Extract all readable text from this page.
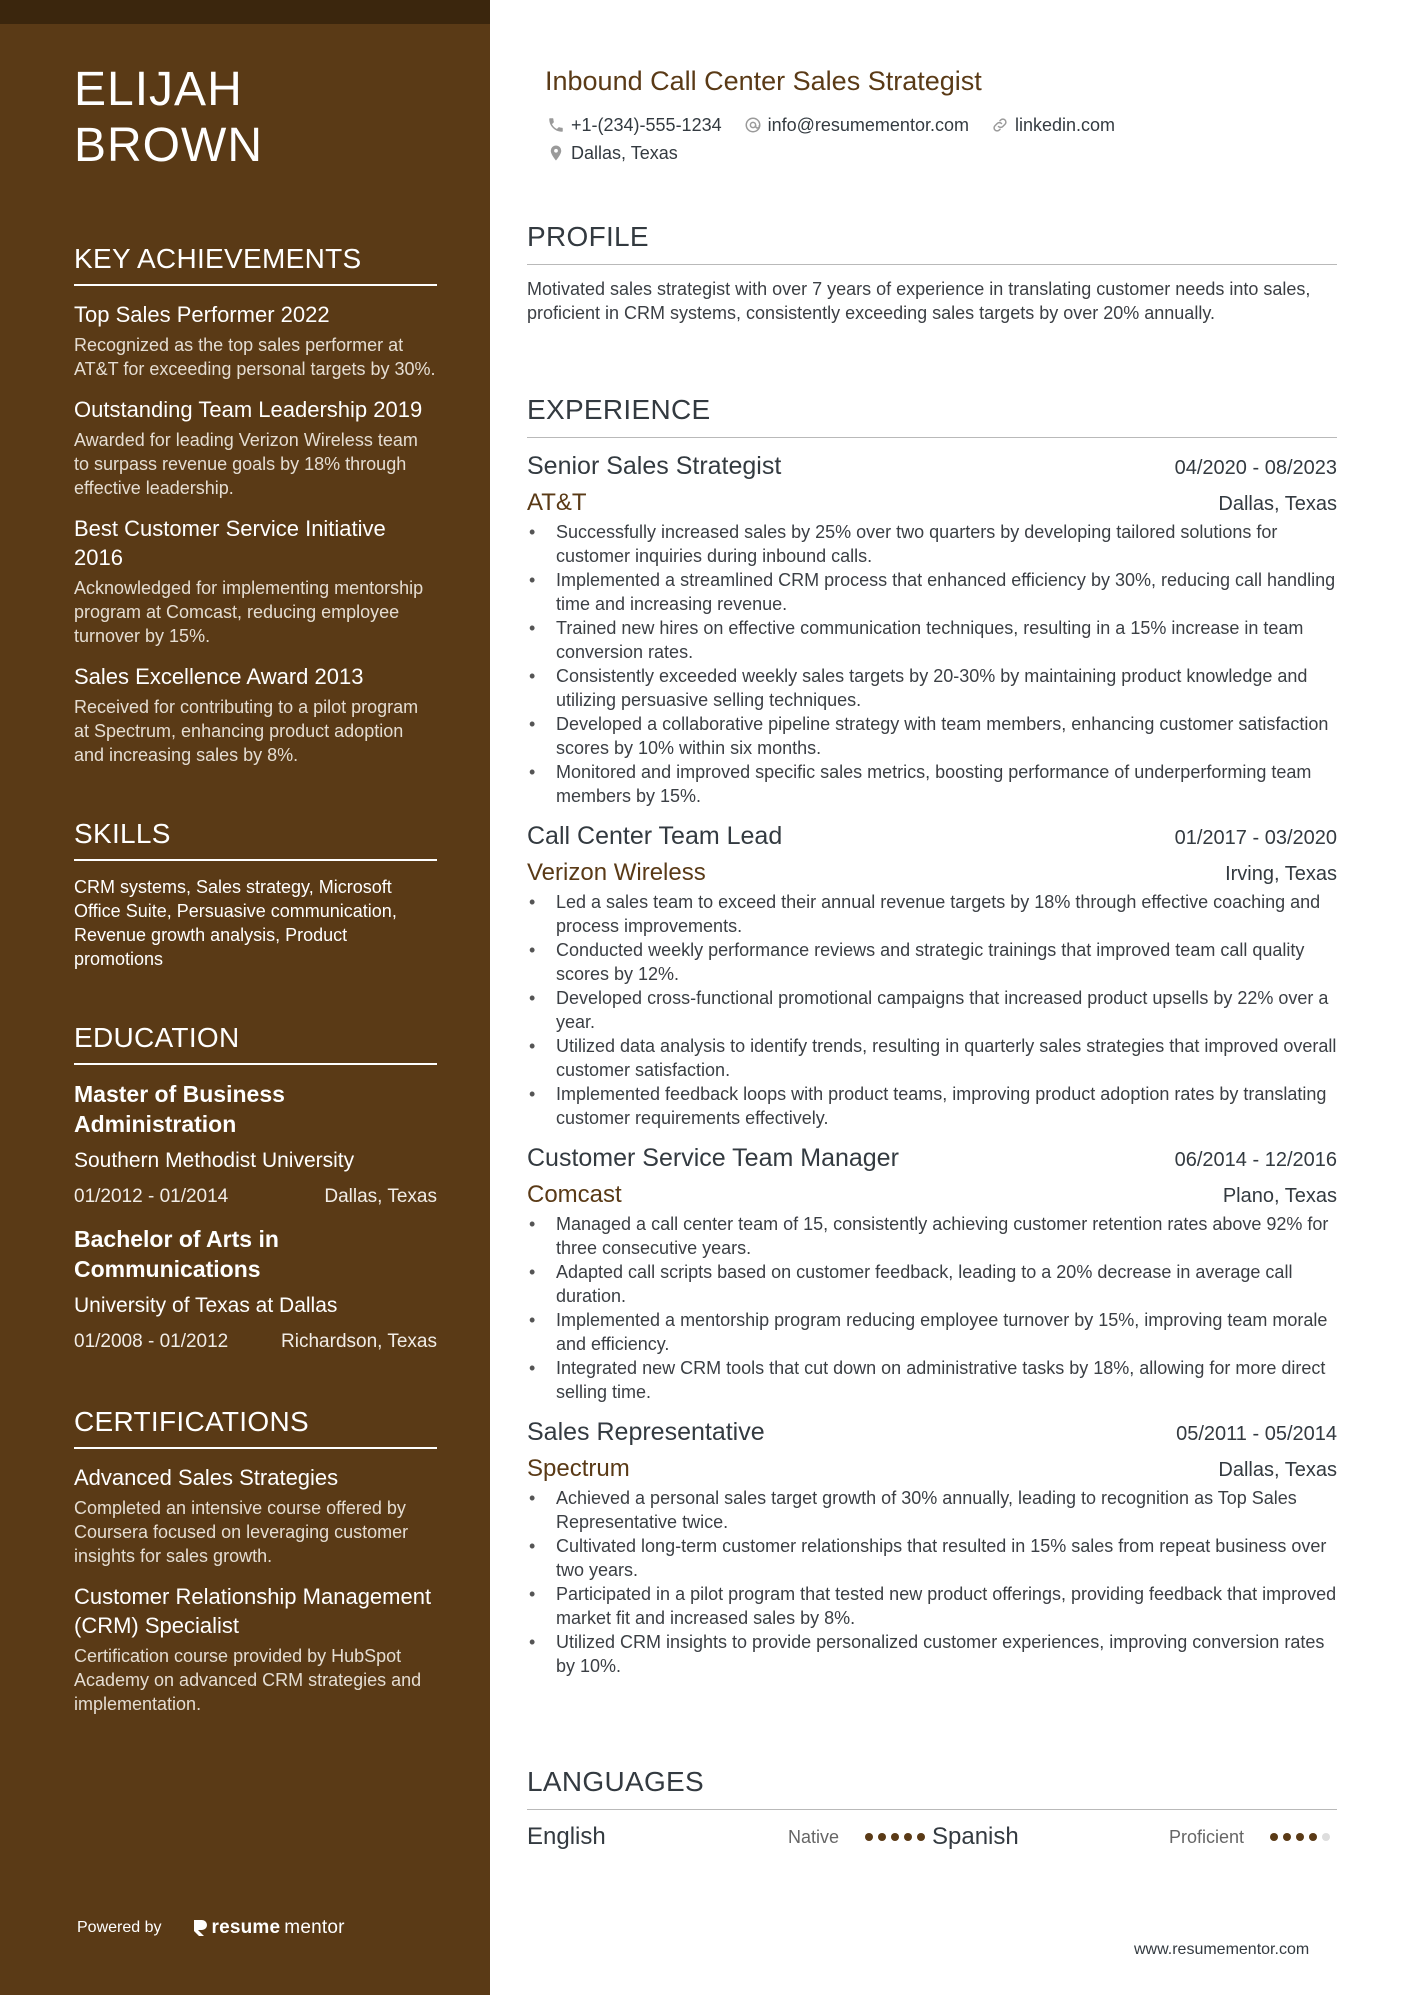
ELIJAH BROWN
KEY ACHIEVEMENTS
Top Sales Performer 2022
Recognized as the top sales performer at AT&T for exceeding personal targets by 30%.
Outstanding Team Leadership 2019
Awarded for leading Verizon Wireless team to surpass revenue goals by 18% through effective leadership.
Best Customer Service Initiative 2016
Acknowledged for implementing mentorship program at Comcast, reducing employee turnover by 15%.
Sales Excellence Award 2013
Received for contributing to a pilot program at Spectrum, enhancing product adoption and increasing sales by 8%.
SKILLS
CRM systems, Sales strategy, Microsoft Office Suite, Persuasive communication, Revenue growth analysis, Product promotions
EDUCATION
Master of Business Administration
Southern Methodist University
01/2012 - 01/2014	Dallas, Texas
Bachelor of Arts in Communications
University of Texas at Dallas
01/2008 - 01/2012	Richardson, Texas
CERTIFICATIONS
Advanced Sales Strategies
Completed an intensive course offered by Coursera focused on leveraging customer insights for sales growth.
Customer Relationship Management (CRM) Specialist
Certification course provided by HubSpot Academy on advanced CRM strategies and implementation.
Powered by	resume mentor
Inbound Call Center Sales Strategist
+1-(234)-555-1234	info@resumementor.com	linkedin.com
Dallas, Texas
PROFILE
Motivated sales strategist with over 7 years of experience in translating customer needs into sales, proficient in CRM systems, consistently exceeding sales targets by over 20% annually.
EXPERIENCE
Senior Sales Strategist	04/2020 - 08/2023
AT&T	Dallas, Texas
• Successfully increased sales by 25% over two quarters by developing tailored solutions for customer inquiries during inbound calls.
• Implemented a streamlined CRM process that enhanced efficiency by 30%, reducing call handling time and increasing revenue.
• Trained new hires on effective communication techniques, resulting in a 15% increase in team conversion rates.
• Consistently exceeded weekly sales targets by 20-30% by maintaining product knowledge and utilizing persuasive selling techniques.
• Developed a collaborative pipeline strategy with team members, enhancing customer satisfaction scores by 10% within six months.
• Monitored and improved specific sales metrics, boosting performance of underperforming team members by 15%.
Call Center Team Lead	01/2017 - 03/2020
Verizon Wireless	Irving, Texas
• Led a sales team to exceed their annual revenue targets by 18% through effective coaching and process improvements.
• Conducted weekly performance reviews and strategic trainings that improved team call quality scores by 12%.
• Developed cross-functional promotional campaigns that increased product upsells by 22% over a year.
• Utilized data analysis to identify trends, resulting in quarterly sales strategies that improved overall customer satisfaction.
• Implemented feedback loops with product teams, improving product adoption rates by translating customer requirements effectively.
Customer Service Team Manager	06/2014 - 12/2016
Comcast	Plano, Texas
• Managed a call center team of 15, consistently achieving customer retention rates above 92% for three consecutive years.
• Adapted call scripts based on customer feedback, leading to a 20% decrease in average call duration.
• Implemented a mentorship program reducing employee turnover by 15%, improving team morale and efficiency.
• Integrated new CRM tools that cut down on administrative tasks by 18%, allowing for more direct selling time.
Sales Representative	05/2011 - 05/2014
Spectrum	Dallas, Texas
• Achieved a personal sales target growth of 30% annually, leading to recognition as Top Sales Representative twice.
• Cultivated long-term customer relationships that resulted in 15% sales from repeat business over two years.
• Participated in a pilot program that tested new product offerings, providing feedback that improved market fit and increased sales by 8%.
• Utilized CRM insights to provide personalized customer experiences, improving conversion rates by 10%.
LANGUAGES
English	Native	Spanish	Proficient
www.resumementor.com
